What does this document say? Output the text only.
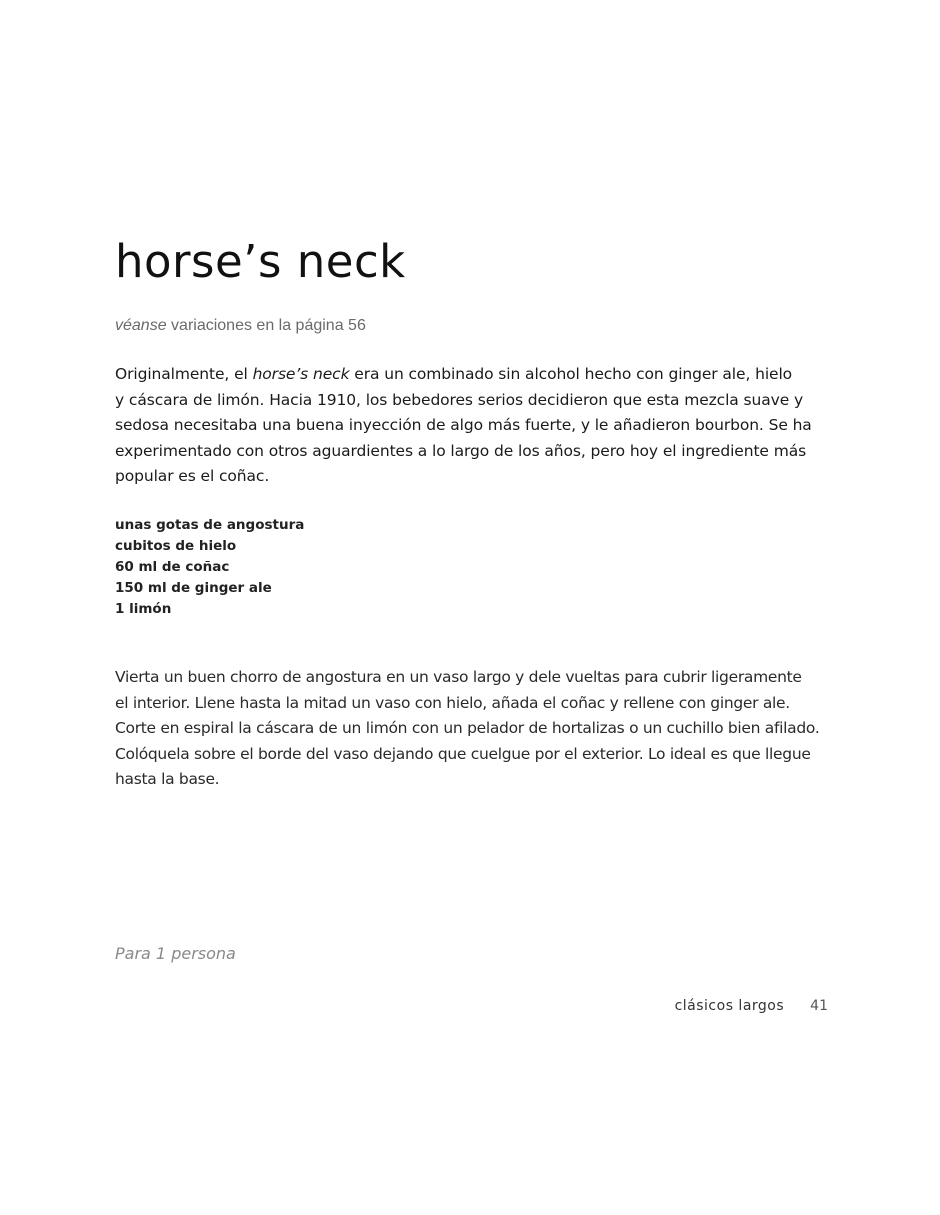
horse’s neck
véanse variaciones en la página 56

Originalmente, el horse’s neck era un combinado sin alcohol hecho con ginger ale, hielo
y cáscara de limón. Hacia 1910, los bebedores serios decidieron que esta mezcla suave y
sedosa necesitaba una buena inyección de algo más fuerte, y le añadieron bourbon. Se ha
experimentado con otros aguardientes a lo largo de los años, pero hoy el ingrediente más
popular es el coñac.

unas gotas de angostura
cubitos de hielo
60 ml de coñac
150 ml de ginger ale
1 limón

Vierta un buen chorro de angostura en un vaso largo y dele vueltas para cubrir ligeramente
el interior. Llene hasta la mitad un vaso con hielo, añada el coñac y rellene con ginger ale.
Corte en espiral la cáscara de un limón con un pelador de hortalizas o un cuchillo bien afilado.
Colóquela sobre el borde del vaso dejando que cuelgue por el exterior. Lo ideal es que llegue
hasta la base.

Para 1 persona
clásicos largos 41
